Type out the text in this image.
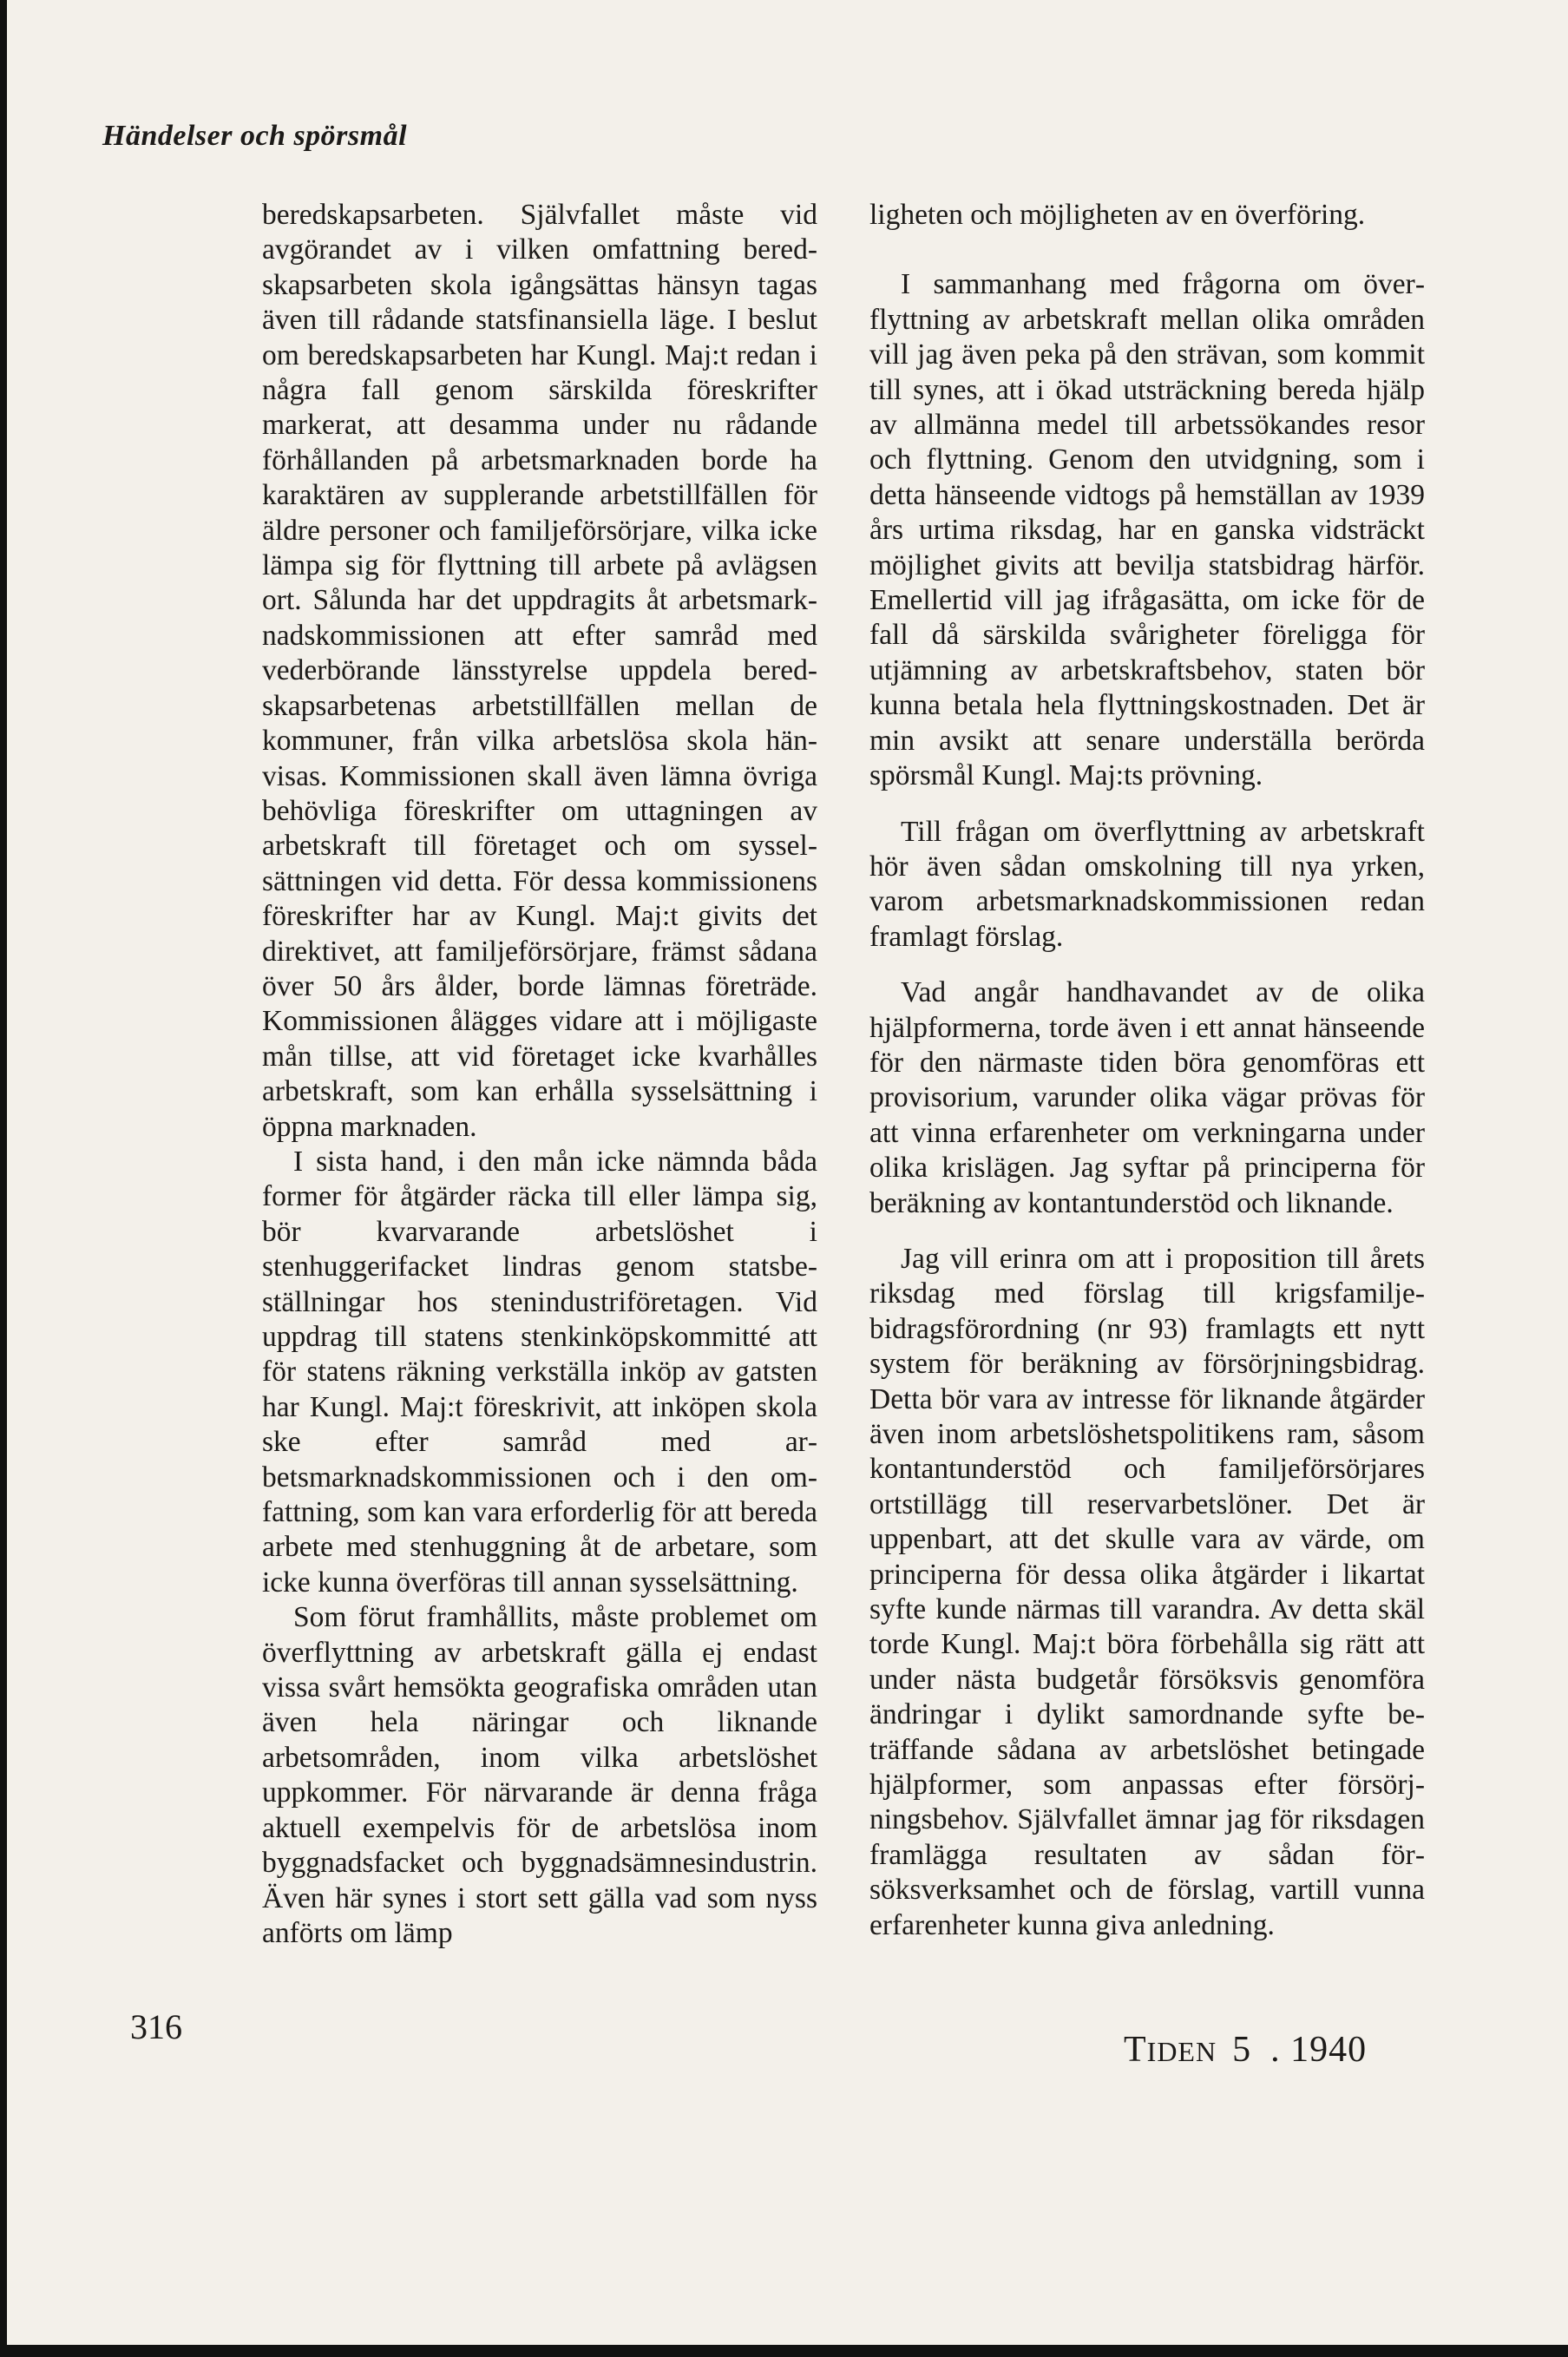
Händelser och spörsmål

beredskapsarbeten. Självfallet måste vid avgörandet av i vilken omfattning beredskapsarbeten skola igångsättas hänsyn tagas även till rådande statsfinansiella läge. I beslut om beredskapsarbeten har Kungl. Maj:t redan i några fall genom särskilda föreskrifter markerat, att desamma under nu rådande förhållanden på arbetsmarknaden borde ha karaktären av supplerande arbetstillfällen för äldre personer och familjeförsörjare, vilka icke lämpa sig för flyttning till arbete på avlägsen ort. Sålunda har det uppdragits åt arbetsmarknadskommissionen att efter samråd med vederbörande länsstyrelse uppdela beredskapsarbetenas arbetstillfällen mellan de kommuner, från vilka arbetslösa skola hänvisas. Kommissionen skall även lämna övriga behövliga föreskrifter om uttagningen av arbetskraft till företaget och om sysselsättningen vid detta. För dessa kommissionens föreskrifter har av Kungl. Maj:t givits det direktivet, att familjeförsörjare, främst sådana över 50 års ålder, borde lämnas företräde. Kommissionen ålägges vidare att i möjligaste mån tillse, att vid företaget icke kvarhålles arbetskraft, som kan erhålla sysselsättning i öppna marknaden.

I sista hand, i den mån icke nämnda båda former för åtgärder räcka till eller lämpa sig, bör kvarvarande arbetslöshet i stenhuggerifacket lindras genom statsbeställningar hos stenindustriföretagen. Vid uppdrag till statens stenkinköpskommitté att för statens räkning verkställa inköp av gatsten har Kungl. Maj:t föreskrivit, att inköpen skola ske efter samråd med arbetsmarknadskommissionen och i den omfattning, som kan vara erforderlig för att bereda arbete med stenhuggning åt de arbetare, som icke kunna överföras till annan sysselsättning.

Som förut framhållits, måste problemet om överflyttning av arbetskraft gälla ej endast vissa svårt hemsökta geografiska områden utan även hela näringar och liknande arbetsområden, inom vilka arbetslöshet uppkommer. För närvarande är denna fråga aktuell exempelvis för de arbetslösa inom byggnadsfacket och byggnadsämnesindustrin. Även här synes i stort sett gälla vad som nyss anförts om lämp

ligheten och möjligheten av en överföring.

I sammanhang med frågorna om överflyttning av arbetskraft mellan olika områden vill jag även peka på den strävan, som kommit till synes, att i ökad utsträckning bereda hjälp av allmänna medel till arbetssökandes resor och flyttning. Genom den utvidgning, som i detta hänseende vidtogs på hemställan av 1939 års urtima riksdag, har en ganska vidsträckt möjlighet givits att bevilja statsbidrag härför. Emellertid vill jag ifrågasätta, om icke för de fall då särskilda svårigheter föreligga för utjämning av arbetskraftsbehov, staten bör kunna betala hela flyttningskostnaden. Det är min avsikt att senare underställa berörda spörsmål Kungl. Maj:ts prövning.

Till frågan om överflyttning av arbetskraft hör även sådan omskolning till nya yrken, varom arbetsmarknadskommissionen redan framlagt förslag.

Vad angår handhavandet av de olika hjälpformerna, torde även i ett annat hänseende för den närmaste tiden böra genomföras ett provisorium, varunder olika vägar prövas för att vinna erfarenheter om verkningarna under olika krislägen. Jag syftar på principerna för beräkning av kontantunderstöd och liknande.

Jag vill erinra om att i proposition till årets riksdag med förslag till krigsfamiljebidragsförordning (nr 93) framlagts ett nytt system för beräkning av försörjningsbidrag. Detta bör vara av intresse för liknande åtgärder även inom arbetslöshetspolitikens ram, såsom kontantunderstöd och familjeförsörjares ortstillägg till reservarbetslöner. Det är uppenbart, att det skulle vara av värde, om principerna för dessa olika åtgärder i likartat syfte kunde närmas till varandra. Av detta skäl torde Kungl. Maj:t böra förbehålla sig rätt att under nästa budgetår försöksvis genomföra ändringar i dylikt samordnande syfte beträffande sådana av arbetslöshet betingade hjälpformer, som anpassas efter försörjningsbehov. Självfallet ämnar jag för riksdagen framlägga resultaten av sådan försöksverksamhet och de förslag, vartill vunna erfarenheter kunna giva anledning.

316
TIDEN 5 . 1940
